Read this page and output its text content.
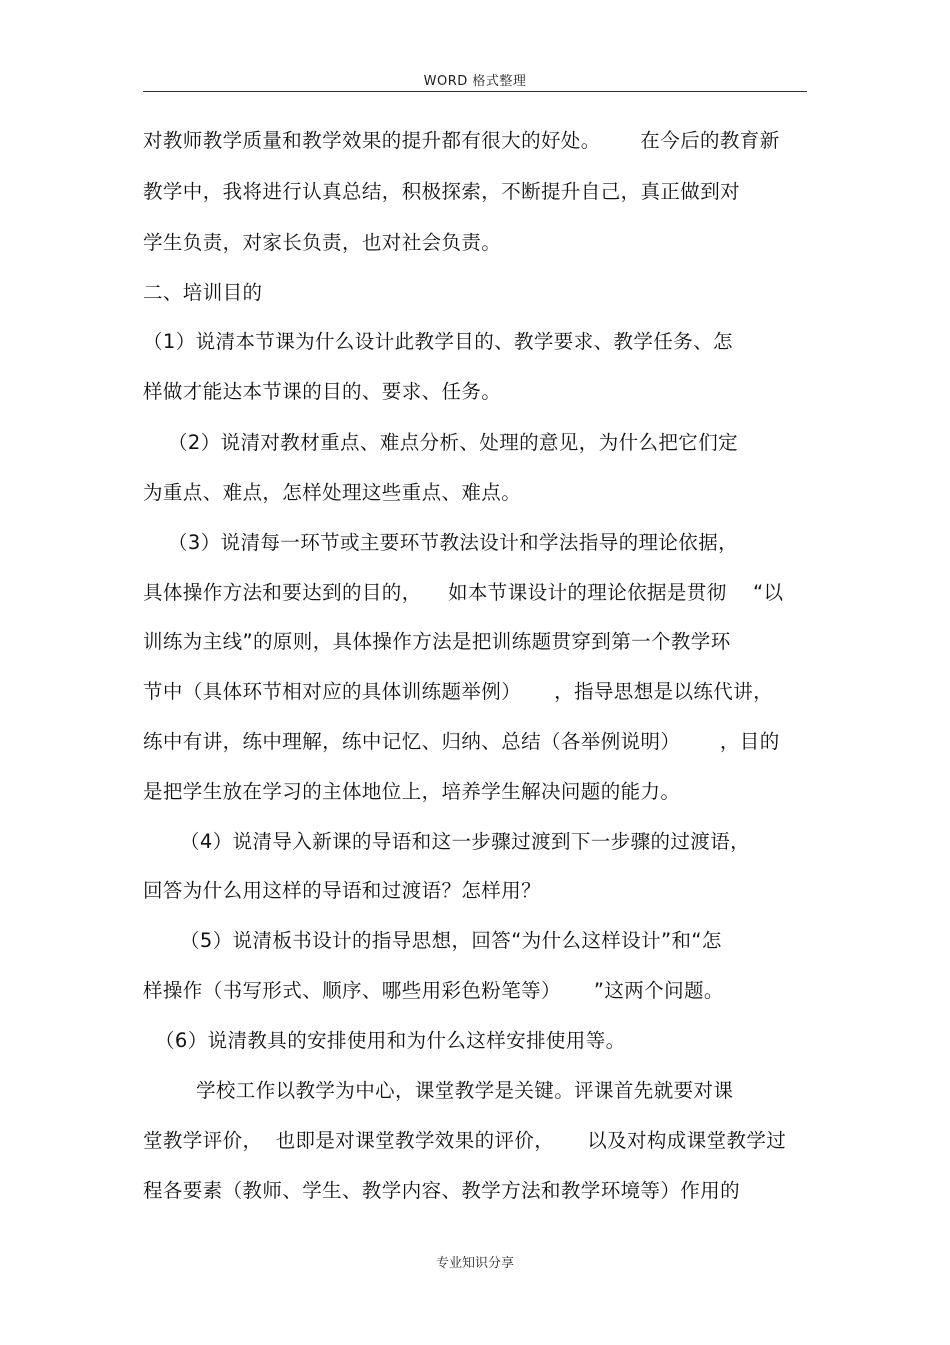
WORD 格式整理
对教师教学质量和教学效果的提升都有很大的好处。      在今后的教育新
教学中，我将进行认真总结，积极探索，不断提升自己，真正做到对
学生负责，对家长负责，也对社会负责。
二、培训目的
（1）说清本节课为什么设计此教学目的、教学要求、教学任务、怎
样做才能达本节课的目的、要求、任务。
（2）说清对教材重点、难点分析、处理的意见，为什么把它们定
为重点、难点，怎样处理这些重点、难点。
（3）说清每一环节或主要环节教法设计和学法指导的理论依据，
具体操作方法和要达到的目的，    如本节课设计的理论依据是贯彻    “以
训练为主线”的原则，具体操作方法是把训练题贯穿到第一个教学环
节中（具体环节相对应的具体训练题举例）     ，指导思想是以练代讲，
练中有讲，练中理解，练中记忆、归纳、总结（各举例说明）      ，目的
是把学生放在学习的主体地位上，培养学生解决问题的能力。
（4）说清导入新课的导语和这一步骤过渡到下一步骤的过渡语，
回答为什么用这样的导语和过渡语？怎样用？
（5）说清板书设计的指导思想，回答“为什么这样设计”和“怎
样操作（书写形式、顺序、哪些用彩色粉笔等）     ”这两个问题。
（6）说清教具的安排使用和为什么这样安排使用等。
学校工作以教学为中心，课堂教学是关键。评课首先就要对课
堂教学评价，  也即是对课堂教学效果的评价，     以及对构成课堂教学过
程各要素（教师、学生、教学内容、教学方法和教学环境等）作用的
专业知识分享
